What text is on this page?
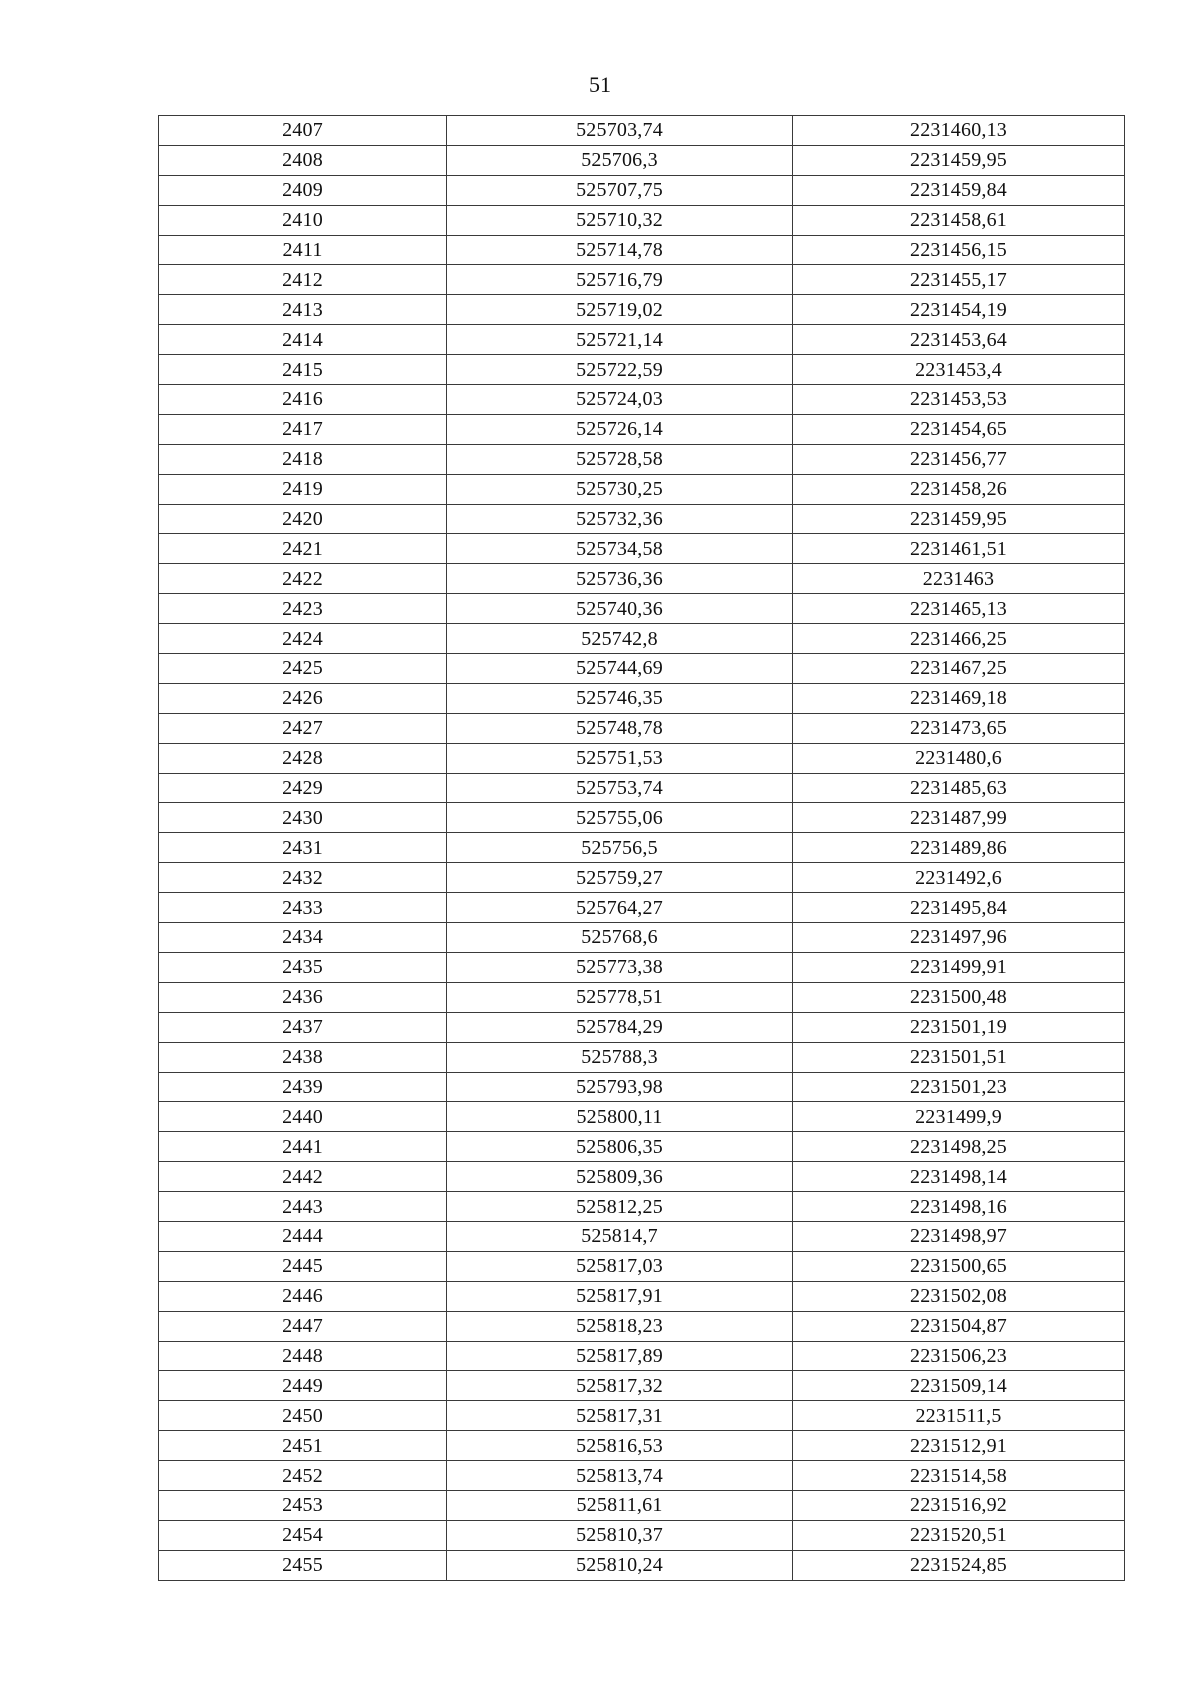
51
2407	525703,74	2231460,13
2408	525706,3	2231459,95
2409	525707,75	2231459,84
2410	525710,32	2231458,61
2411	525714,78	2231456,15
2412	525716,79	2231455,17
2413	525719,02	2231454,19
2414	525721,14	2231453,64
2415	525722,59	2231453,4
2416	525724,03	2231453,53
2417	525726,14	2231454,65
2418	525728,58	2231456,77
2419	525730,25	2231458,26
2420	525732,36	2231459,95
2421	525734,58	2231461,51
2422	525736,36	2231463
2423	525740,36	2231465,13
2424	525742,8	2231466,25
2425	525744,69	2231467,25
2426	525746,35	2231469,18
2427	525748,78	2231473,65
2428	525751,53	2231480,6
2429	525753,74	2231485,63
2430	525755,06	2231487,99
2431	525756,5	2231489,86
2432	525759,27	2231492,6
2433	525764,27	2231495,84
2434	525768,6	2231497,96
2435	525773,38	2231499,91
2436	525778,51	2231500,48
2437	525784,29	2231501,19
2438	525788,3	2231501,51
2439	525793,98	2231501,23
2440	525800,11	2231499,9
2441	525806,35	2231498,25
2442	525809,36	2231498,14
2443	525812,25	2231498,16
2444	525814,7	2231498,97
2445	525817,03	2231500,65
2446	525817,91	2231502,08
2447	525818,23	2231504,87
2448	525817,89	2231506,23
2449	525817,32	2231509,14
2450	525817,31	2231511,5
2451	525816,53	2231512,91
2452	525813,74	2231514,58
2453	525811,61	2231516,92
2454	525810,37	2231520,51
2455	525810,24	2231524,85
